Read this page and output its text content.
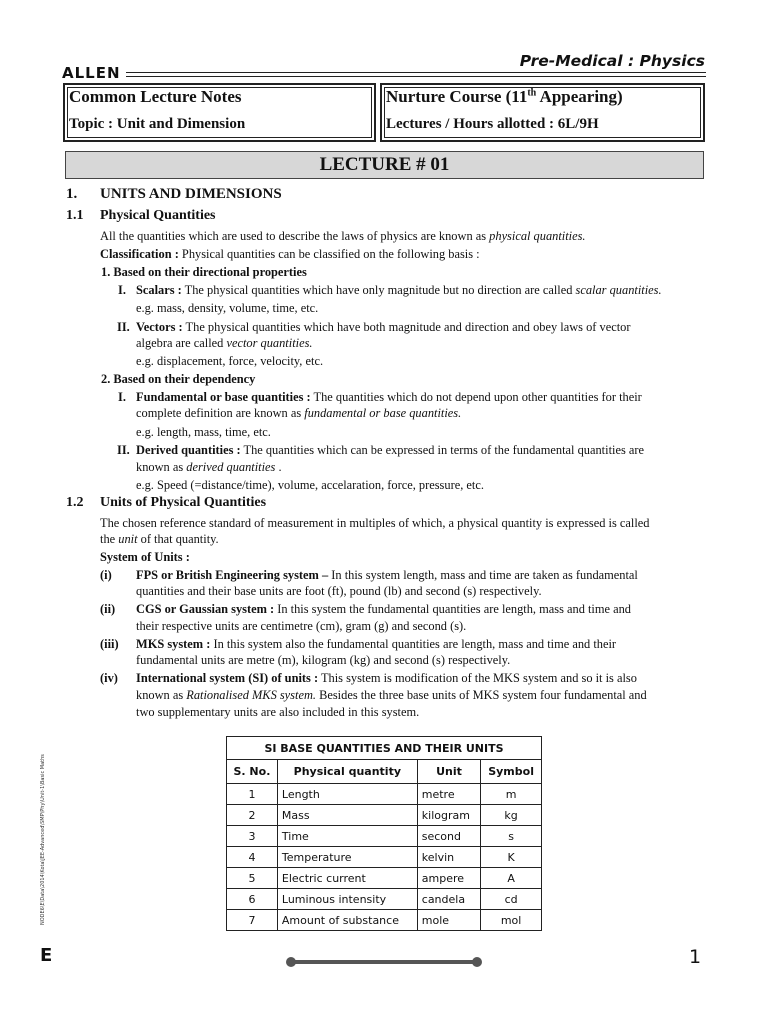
ALLEN
Pre-Medical : Physics
Common Lecture Notes
Topic : Unit and Dimension
Nurture Course (11th Appearing)
Lectures / Hours allotted : 6L/9H
LECTURE # 01
1. UNITS AND DIMENSIONS
1.1 Physical Quantities
All the quantities which are used to describe the laws of physics are known as physical quantities.
Classification : Physical quantities can be classified on the following basis :
1. Based on their directional properties
I. Scalars : The physical quantities which have only magnitude but no direction are called scalar quantities.
e.g. mass, density, volume, time, etc.
II. Vectors : The physical quantities which have both magnitude and direction and obey laws of vector
algebra are called vector quantities.
e.g. displacement, force, velocity, etc.
2. Based on their dependency
I. Fundamental or base quantities : The quantities which do not depend upon other quantities for their
complete definition are known as fundamental or base quantities.
e.g. length, mass, time, etc.
II. Derived quantities : The quantities which can be expressed in terms of the fundamental quantities are
known as derived quantities .
e.g. Speed (=distance/time), volume, accelaration, force, pressure, etc.
1.2 Units of Physical Quantities
The chosen reference standard of measurement in multiples of which, a physical quantity is expressed is called
the unit of that quantity.
System of Units :
(i) FPS or British Engineering system – In this system length, mass and time are taken as fundamental
quantities and their base units are foot (ft), pound (lb) and second (s) respectively.
(ii) CGS or Gaussian system : In this system the fundamental quantities are length, mass and time and
their respective units are centimetre (cm), gram (g) and second (s).
(iii) MKS system : In this system also the fundamental quantities are length, mass and time and their
fundamental units are metre (m), kilogram (kg) and second (s) respectively.
(iv) International system (SI) of units : This system is modification of the MKS system and so it is also
known as Rationalised MKS system. Besides the three base units of MKS system four fundamental and
two supplementary units are also included in this system.
SI BASE QUANTITIES AND THEIR UNITS			
S. No.	Physical quantity	Unit	Symbol
1	Length	metre	m
2	Mass	kilogram	kg
3	Time	second	s
4	Temperature	kelvin	K
5	Electric current	ampere	A
6	Luminous intensity	candela	cd
7	Amount of substance	mole	mol
NODE6\E\Data\2014\Kota\JEE-Advanced\SMP\Phy\Unit-1\Basic Maths
E	1
